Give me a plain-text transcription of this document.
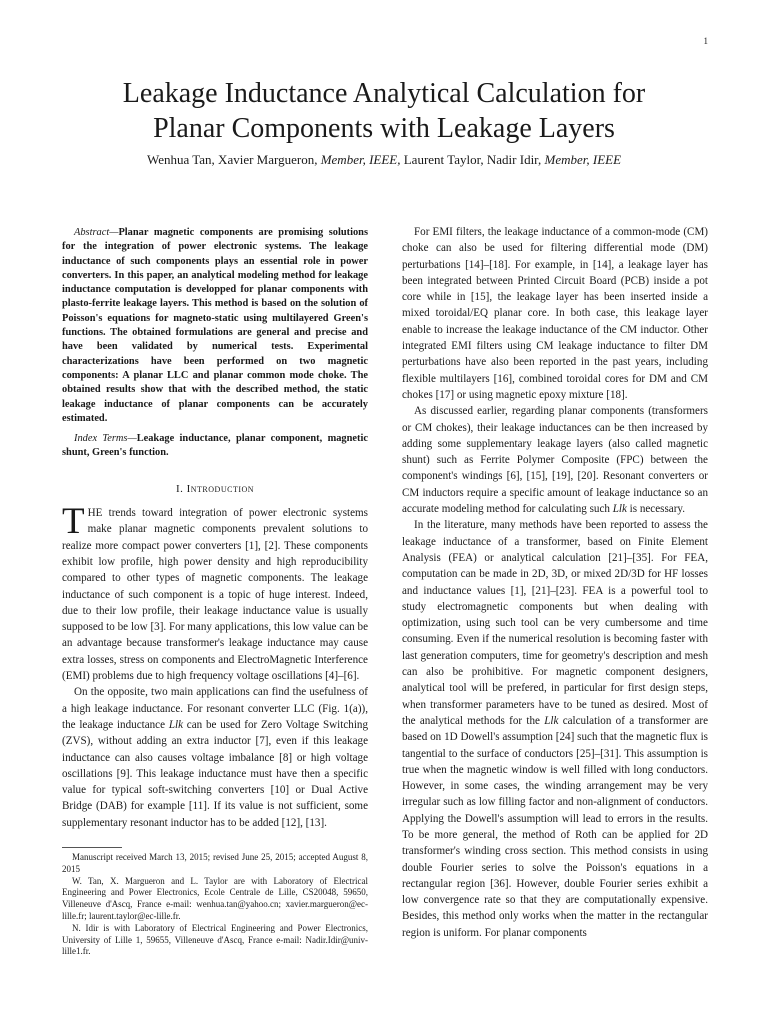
1
Leakage Inductance Analytical Calculation for
Planar Components with Leakage Layers
Wenhua Tan, Xavier Margueron, Member, IEEE, Laurent Taylor, Nadir Idir, Member, IEEE

Abstract—Planar magnetic components are promising solutions for the integration of power electronic systems. The leakage inductance of such components plays an essential role in power converters. In this paper, an analytical modeling method for leakage inductance computation is developped for planar components with plasto-ferrite leakage layers. This method is based on the solution of Poisson's equations for magneto-static using multilayered Green's functions. The obtained formulations are general and precise and have been validated by numerical tests. Experimental characterizations have been performed on two magnetic components: A planar LLC and planar common mode choke. The obtained results show that with the described method, the static leakage inductance of planar components can be accurately estimated.

Index Terms—Leakage inductance, planar component, magnetic shunt, Green's function.

I. Introduction

THE trends toward integration of power electronic systems make planar magnetic components prevalent solutions to realize more compact power converters [1], [2]. These components exhibit low profile, high power density and high reproducibility compared to other types of magnetic components. The leakage inductance of such component is a topic of huge interest. Indeed, due to their low profile, their leakage inductance value is usually supposed to be low [3]. For many applications, this low value can be an advantage because transformer's leakage inductance may cause extra losses, stress on components and ElectroMagnetic Interference (EMI) problems due to high frequency voltage oscillations [4]–[6].

On the opposite, two main applications can find the usefulness of a high leakage inductance. For resonant converter LLC (Fig. 1(a)), the leakage inductance Llk can be used for Zero Voltage Switching (ZVS), without adding an extra inductor [7], even if this leakage inductance can also causes voltage imbalance [8] or high voltage oscillations [9]. This leakage inductance must have then a specific value for typical soft-switching converters [10] or Dual Active Bridge (DAB) for example [11]. If its value is not sufficient, some supplementary resonant inductor has to be added [12], [13].

Manuscript received March 13, 2015; revised June 25, 2015; accepted August 8, 2015

W. Tan, X. Margueron and L. Taylor are with Laboratory of Electrical Engineering and Power Electronics, Ecole Centrale de Lille, CS20048, 59650, Villeneuve d'Ascq, France e-mail: wenhua.tan@yahoo.cn; xavier.margueron@ec-lille.fr; laurent.taylor@ec-lille.fr.

N. Idir is with Laboratory of Electrical Engineering and Power Electronics, University of Lille 1, 59655, Villeneuve d'Ascq, France e-mail: Nadir.Idir@univ-lille1.fr.

For EMI filters, the leakage inductance of a common-mode (CM) choke can also be used for filtering differential mode (DM) perturbations [14]–[18]. For example, in [14], a leakage layer has been integrated between Printed Circuit Board (PCB) inside a pot core while in [15], the leakage layer has been inserted inside a mixed toroidal/EQ planar core. In both case, this leakage layer enable to increase the leakage inductance of the CM inductor. Other integrated EMI filters using CM leakage inductance to filter DM perturbations have also been reported in the past years, including flexible multilayers [16], combined toroidal cores for DM and CM chokes [17] or using magnetic epoxy mixture [18].

As discussed earlier, regarding planar components (transformers or CM chokes), their leakage inductances can be then increased by adding some supplementary leakage layers (also called magnetic shunt) such as Ferrite Polymer Composite (FPC) between the component's windings [6], [15], [19], [20]. Resonant converters or CM inductors require a specific amount of leakage inductance so an accurate modeling method for calculating such Llk is necessary.

In the literature, many methods have been reported to assess the leakage inductance of a transformer, based on Finite Element Analysis (FEA) or analytical calculation [21]–[35]. For FEA, computation can be made in 2D, 3D, or mixed 2D/3D for HF losses and inductance values [1], [21]–[23]. FEA is a powerful tool to study electromagnetic components but when dealing with optimization, using such tool can be very cumbersome and time consuming. Even if the numerical resolution is becoming faster with last generation computers, time for geometry's description and mesh can also be prohibitive. For magnetic component designers, analytical tool will be prefered, in particular for first design steps, when transformer parameters have to be tuned as desired. Most of the analytical methods for the Llk calculation of a transformer are based on 1D Dowell's assumption [24] such that the magnetic flux is tangential to the surface of conductors [25]–[31]. This assumption is true when the magnetic window is well filled with long conductors. However, in some cases, the winding arrangement may be very irregular such as low filling factor and non-alignment of conductors. Applying the Dowell's assumption will lead to errors in the results. To be more general, the method of Roth can be applied for 2D transformer's winding cross section. This method consists in using double Fourier series to solve the Poisson's equations in a rectangular region [36]. However, double Fourier series exhibit a low convergence rate so that they are computationally expensive. Besides, this method only works when the matter in the rectangular region is uniform. For planar components
